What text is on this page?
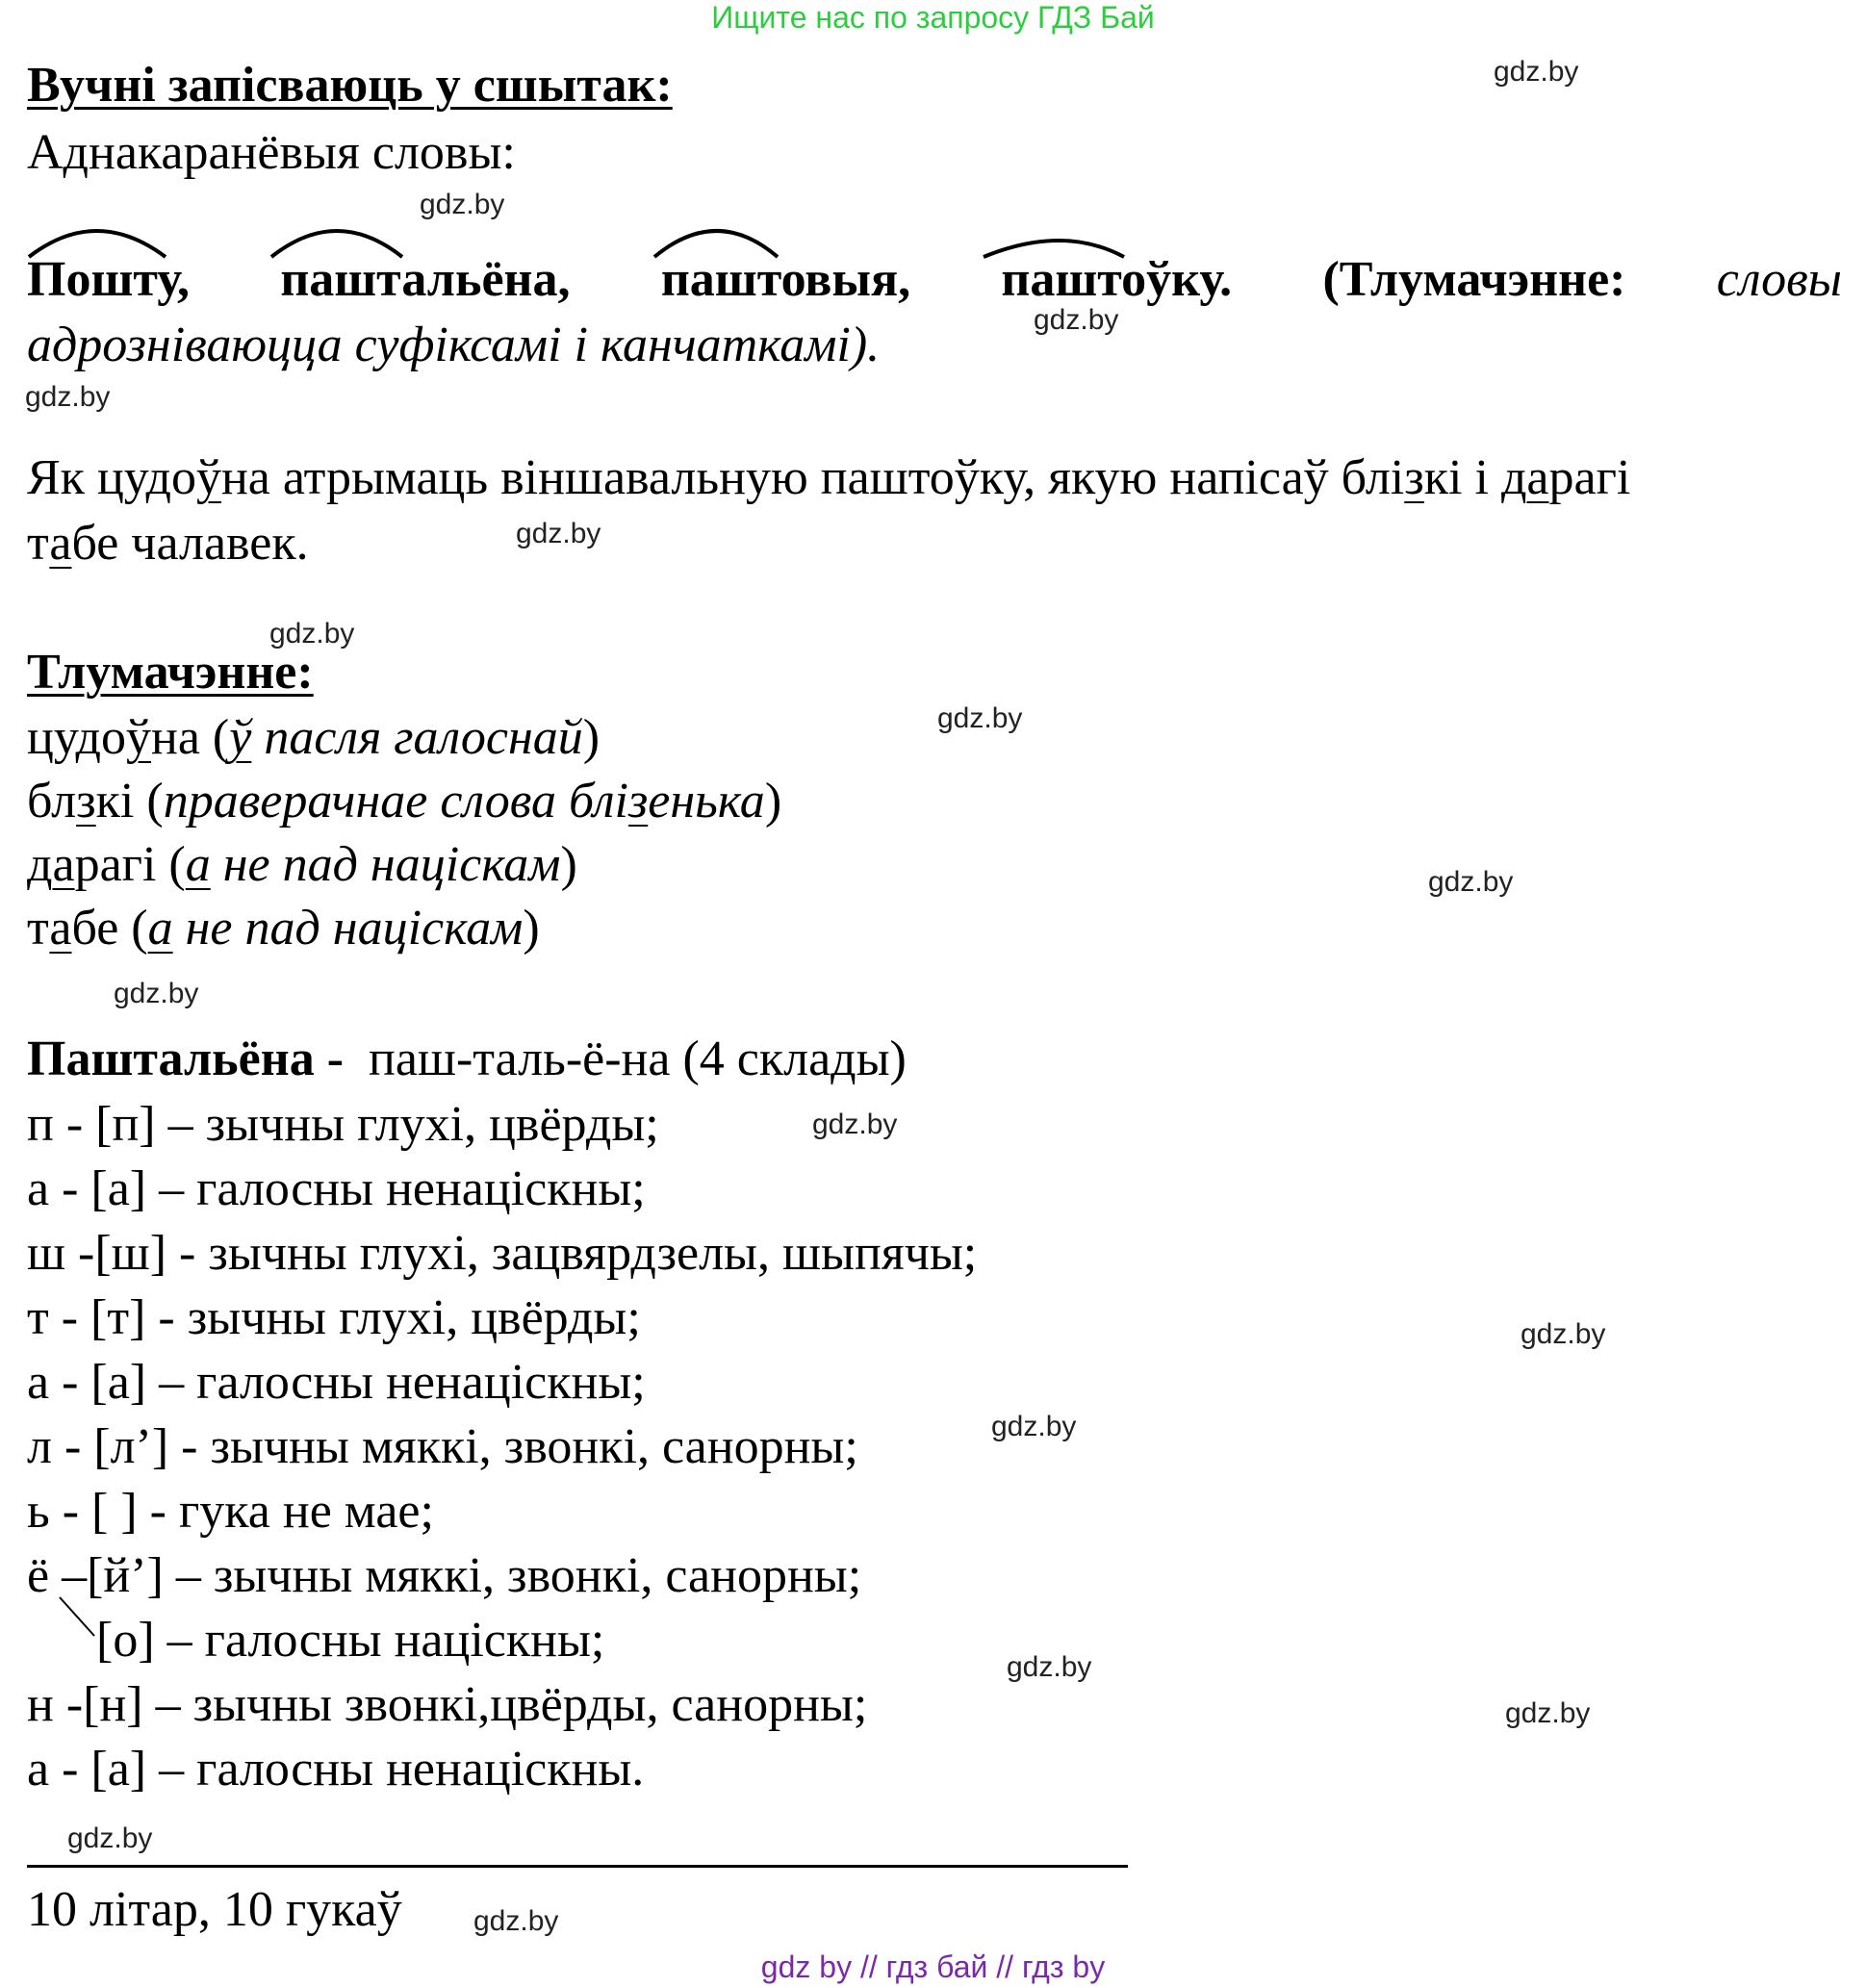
Ищите нас по запросу ГДЗ Бай
Вучні запісваюць у сшытак:
Аднакаранёвыя словы:
Пошту, паштальёна, паштовыя, паштоўку. (Тлумачэнне: словы
адрозніваюцца суфіксамі і канчаткамі).
Як цудоўна атрымаць віншавальную паштоўку, якую напісаў блізкі і дарагі
табе чалавек.
Тлумачэнне:
цудоўна (ў пасля галоснай)
блзкі (праверачнае слова блізенька)
дарагі (а не пад націскам)
табе (а не пад націскам)
Паштальёна - паш-таль-ё-на (4 склады)
п - [п] – зычны глухі, цвёрды;
а - [а] – галосны ненаціскны;
ш -[ш] - зычны глухі, зацвярдзелы, шыпячы;
т - [т] - зычны глухі, цвёрды;
а - [а] – галосны ненаціскны;
л - [л’] - зычны мяккі, звонкі, санорны;
ь - [ ] - гука не мае;
ё –[й’] – зычны мяккі, звонкі, санорны;
[о] – галосны націскны;
н -[н] – зычны звонкі,цвёрды, санорны;
а - [а] – галосны ненаціскны.
10 літар, 10 гукаў
gdz.by
gdz.by
gdz.by
gdz.by
gdz.by
gdz.by
gdz.by
gdz.by
gdz.by
gdz.by
gdz.by
gdz.by
gdz.by
gdz.by
gdz.by
gdz.by
gdz by // гдз бай // гдз by
